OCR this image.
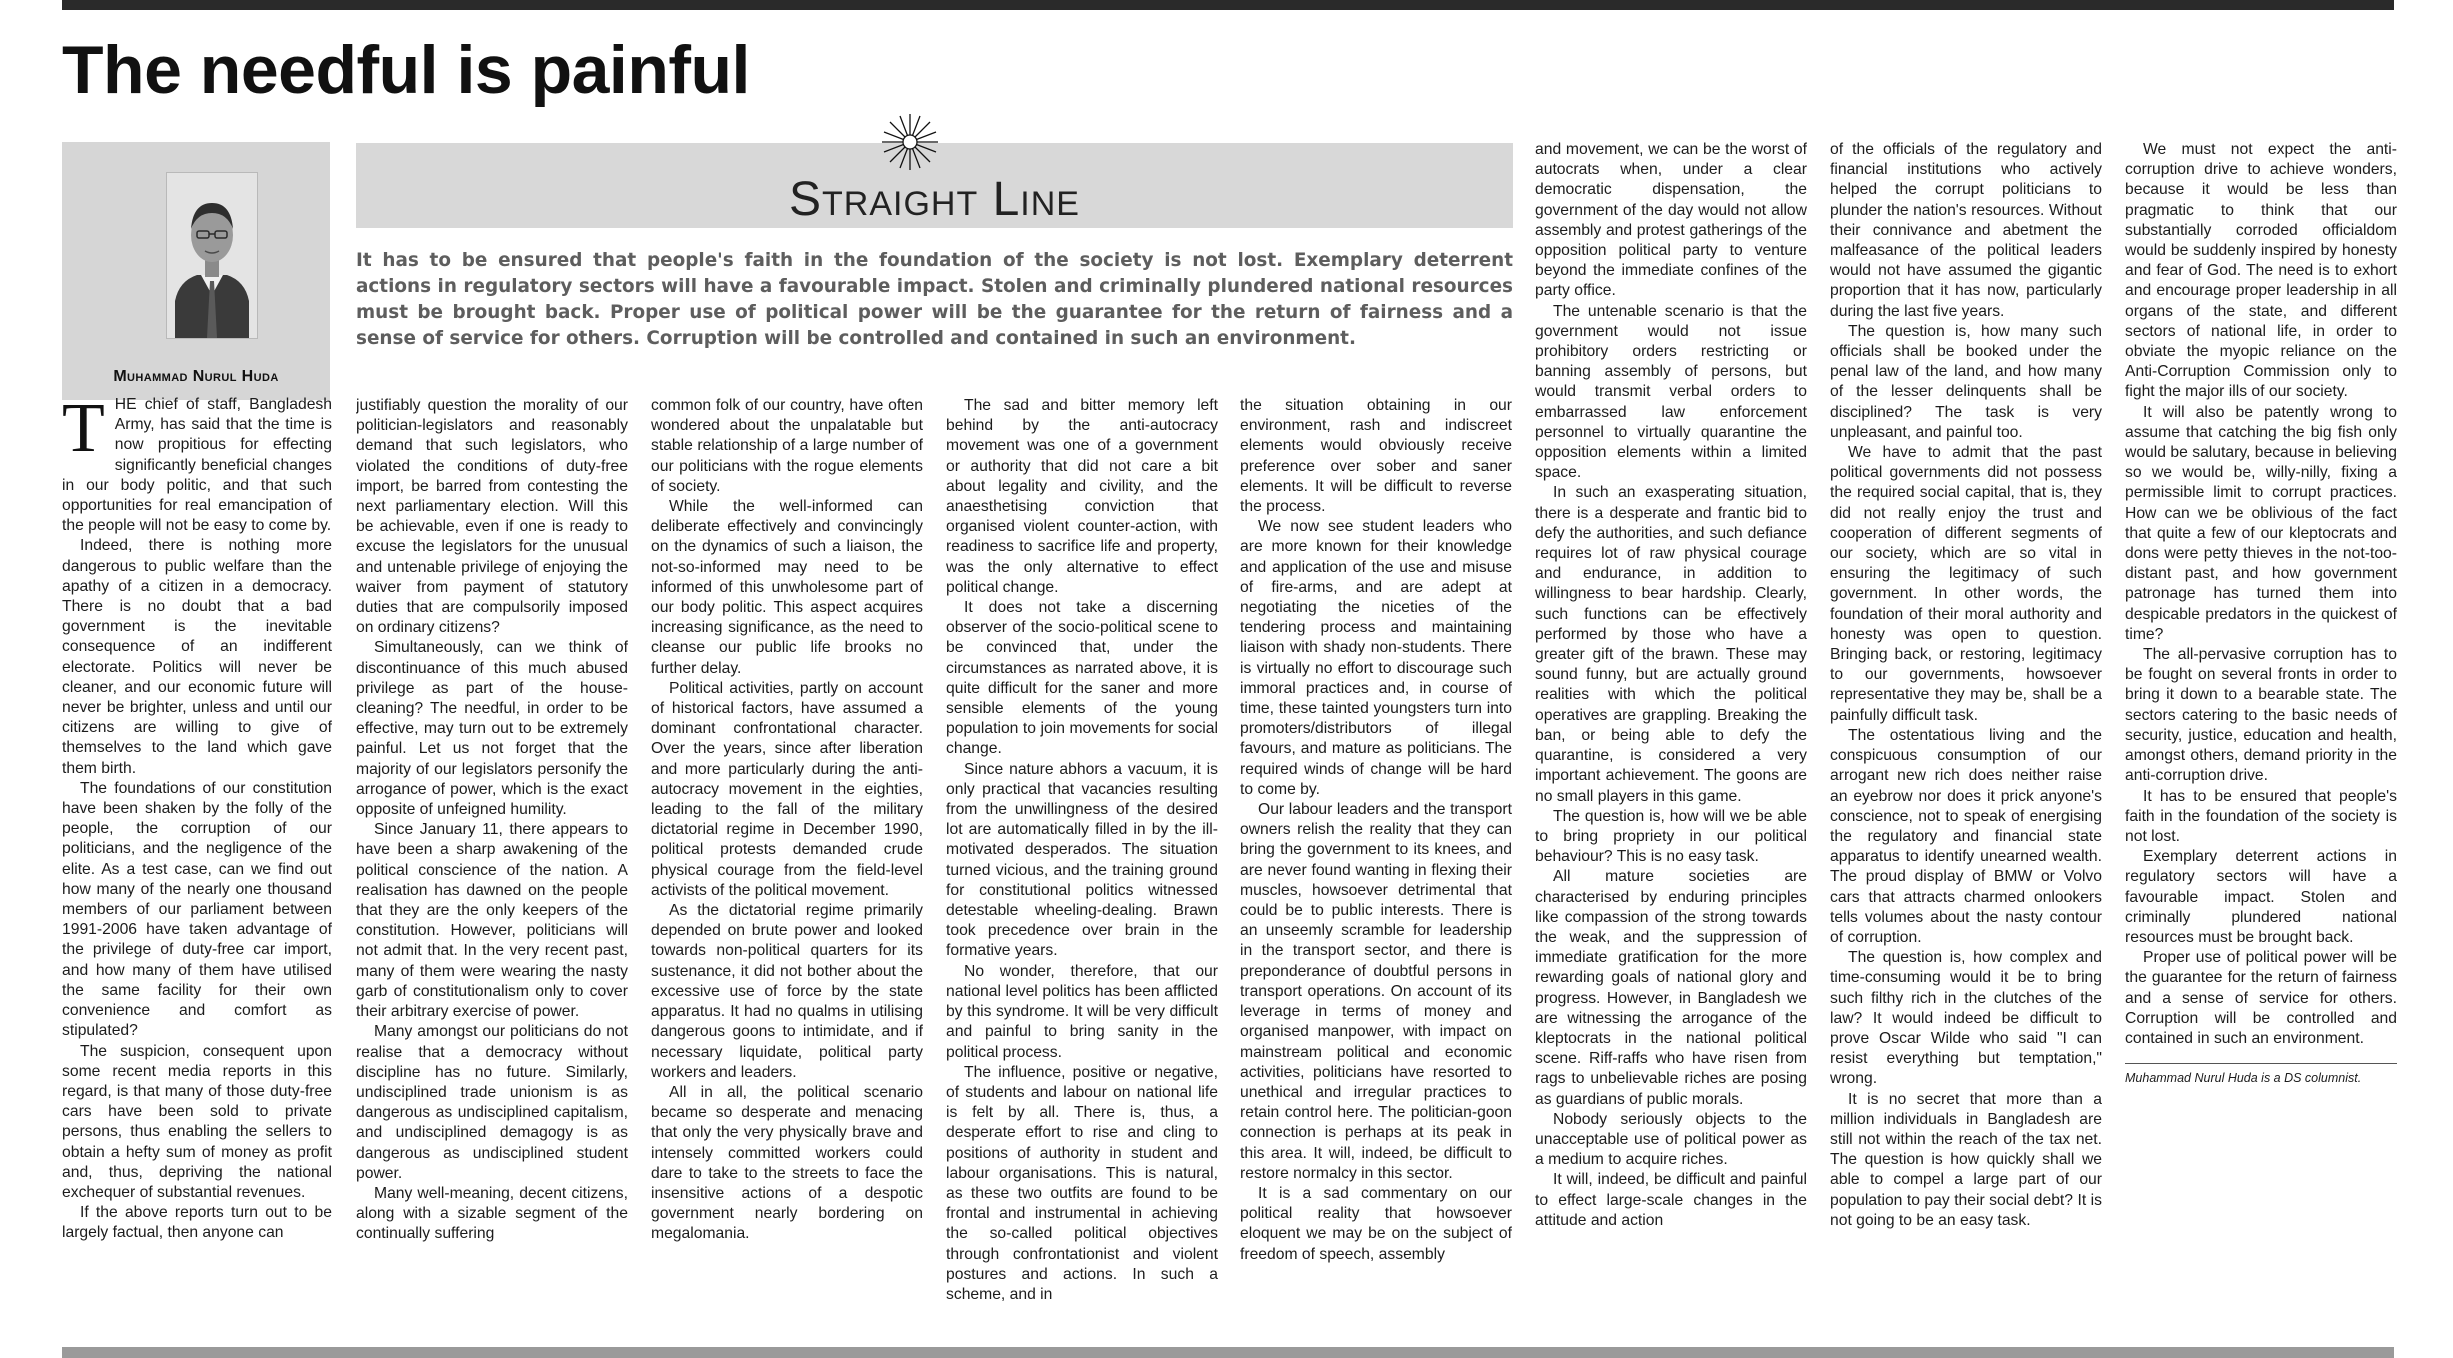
The needful is painful

Muhammad Nurul Huda

Straight Line

It has to be ensured that people's faith in the foundation of the society is not lost. Exemplary deterrent actions in regulatory sectors will have a favourable impact. Stolen and criminally plundered national resources must be brought back. Proper use of political power will be the guarantee for the return of fairness and a sense of service for others. Corruption will be controlled and contained in such an environment.

THE chief of staff, Bangladesh Army, has said that the time is now propitious for effecting significantly beneficial changes in our body politic, and that such opportunities for real emancipation of the people will not be easy to come by.

Indeed, there is nothing more dangerous to public welfare than the apathy of a citizen in a democracy. There is no doubt that a bad government is the inevitable consequence of an indifferent electorate. Politics will never be cleaner, and our economic future will never be brighter, unless and until our citizens are willing to give of themselves to the land which gave them birth.

The foundations of our constitution have been shaken by the folly of the people, the corruption of our politicians, and the negligence of the elite. As a test case, can we find out how many of the nearly one thousand members of our parliament between 1991-2006 have taken advantage of the privilege of duty-free car import, and how many of them have utilised the same facility for their own convenience and comfort as stipulated?

The suspicion, consequent upon some recent media reports in this regard, is that many of those duty-free cars have been sold to private persons, thus enabling the sellers to obtain a hefty sum of money as profit and, thus, depriving the national exchequer of substantial revenues.

If the above reports turn out to be largely factual, then anyone can

justifiably question the morality of our politician-legislators and reasonably demand that such legislators, who violated the conditions of duty-free import, be barred from contesting the next parliamentary election. Will this be achievable, even if one is ready to excuse the legislators for the unusual and untenable privilege of enjoying the waiver from payment of statutory duties that are compulsorily imposed on ordinary citizens?

Simultaneously, can we think of discontinuance of this much abused privilege as part of the house-cleaning? The needful, in order to be effective, may turn out to be extremely painful. Let us not forget that the majority of our legislators personify the arrogance of power, which is the exact opposite of unfeigned humility.

Since January 11, there appears to have been a sharp awakening of the political conscience of the nation. A realisation has dawned on the people that they are the only keepers of the constitution. However, politicians will not admit that. In the very recent past, many of them were wearing the nasty garb of constitutionalism only to cover their arbitrary exercise of power.

Many amongst our politicians do not realise that a democracy without discipline has no future. Similarly, undisciplined trade unionism is as dangerous as undisciplined capitalism, and undisciplined demagogy is as dangerous as undisciplined student power.

Many well-meaning, decent citizens, along with a sizable segment of the continually suffering

common folk of our country, have often wondered about the unpalatable but stable relationship of a large number of our politicians with the rogue elements of society.

While the well-informed can deliberate effectively and convincingly on the dynamics of such a liaison, the not-so-informed may need to be informed of this unwholesome part of our body politic. This aspect acquires increasing significance, as the need to cleanse our public life brooks no further delay.

Political activities, partly on account of historical factors, have assumed a dominant confrontational character. Over the years, since after liberation and more particularly during the anti-autocracy movement in the eighties, leading to the fall of the military dictatorial regime in December 1990, political protests demanded crude physical courage from the field-level activists of the political movement.

As the dictatorial regime primarily depended on brute power and looked towards non-political quarters for its sustenance, it did not bother about the excessive use of force by the state apparatus. It had no qualms in utilising dangerous goons to intimidate, and if necessary liquidate, political party workers and leaders.

All in all, the political scenario became so desperate and menacing that only the very physically brave and intensely committed workers could dare to take to the streets to face the insensitive actions of a despotic government nearly bordering on megalomania.

The sad and bitter memory left behind by the anti-autocracy movement was one of a government or authority that did not care a bit about legality and civility, and the anaesthetising conviction that organised violent counter-action, with readiness to sacrifice life and property, was the only alternative to effect political change.

It does not take a discerning observer of the socio-political scene to be convinced that, under the circumstances as narrated above, it is quite difficult for the saner and more sensible elements of the young population to join movements for social change.

Since nature abhors a vacuum, it is only practical that vacancies resulting from the unwillingness of the desired lot are automatically filled in by the ill-motivated desperados. The situation turned vicious, and the training ground for constitutional politics witnessed detestable wheeling-dealing. Brawn took precedence over brain in the formative years.

No wonder, therefore, that our national level politics has been afflicted by this syndrome. It will be very difficult and painful to bring sanity in the political process.

The influence, positive or negative, of students and labour on national life is felt by all. There is, thus, a desperate effort to rise and cling to positions of authority in student and labour organisations. This is natural, as these two outfits are found to be frontal and instrumental in achieving the so-called political objectives through confrontationist and violent postures and actions. In such a scheme, and in

the situation obtaining in our environment, rash and indiscreet elements would obviously receive preference over sober and saner elements. It will be difficult to reverse the process.

We now see student leaders who are more known for their knowledge and application of the use and misuse of fire-arms, and are adept at negotiating the niceties of the tendering process and maintaining liaison with shady non-students. There is virtually no effort to discourage such immoral practices and, in course of time, these tainted youngsters turn into promoters/distributors of illegal favours, and mature as politicians. The required winds of change will be hard to come by.

Our labour leaders and the transport owners relish the reality that they can bring the government to its knees, and are never found wanting in flexing their muscles, howsoever detrimental that could be to public interests. There is an unseemly scramble for leadership in the transport sector, and there is preponderance of doubtful persons in transport operations. On account of its leverage in terms of money and organised manpower, with impact on mainstream political and economic activities, politicians have resorted to unethical and irregular practices to retain control here. The politician-goon connection is perhaps at its peak in this area. It will, indeed, be difficult to restore normalcy in this sector.

It is a sad commentary on our political reality that howsoever eloquent we may be on the subject of freedom of speech, assembly

and movement, we can be the worst of autocrats when, under a clear democratic dispensation, the government of the day would not allow assembly and protest gatherings of the opposition political party to venture beyond the immediate confines of the party office.

The untenable scenario is that the government would not issue prohibitory orders restricting or banning assembly of persons, but would transmit verbal orders to embarrassed law enforcement personnel to virtually quarantine the opposition elements within a limited space.

In such an exasperating situation, there is a desperate and frantic bid to defy the authorities, and such defiance requires lot of raw physical courage and endurance, in addition to willingness to bear hardship. Clearly, such functions can be effectively performed by those who have a greater gift of the brawn. These may sound funny, but are actually ground realities with which the political operatives are grappling. Breaking the ban, or being able to defy the quarantine, is considered a very important achievement. The goons are no small players in this game.

The question is, how will we be able to bring propriety in our political behaviour? This is no easy task.

All mature societies are characterised by enduring principles like compassion of the strong towards the weak, and the suppression of immediate gratification for the more rewarding goals of national glory and progress. However, in Bangladesh we are witnessing the arrogance of the kleptocrats in the national political scene. Riff-raffs who have risen from rags to unbelievable riches are posing as guardians of public morals.

Nobody seriously objects to the unacceptable use of political power as a medium to acquire riches.

It will, indeed, be difficult and painful to effect large-scale changes in the attitude and action

of the officials of the regulatory and financial institutions who actively helped the corrupt politicians to plunder the nation's resources. Without their connivance and abetment the malfeasance of the political leaders would not have assumed the gigantic proportion that it has now, particularly during the last five years.

The question is, how many such officials shall be booked under the penal law of the land, and how many of the lesser delinquents shall be disciplined? The task is very unpleasant, and painful too.

We have to admit that the past political governments did not possess the required social capital, that is, they did not really enjoy the trust and cooperation of different segments of our society, which are so vital in ensuring the legitimacy of such government. In other words, the foundation of their moral authority and honesty was open to question. Bringing back, or restoring, legitimacy to our governments, howsoever representative they may be, shall be a painfully difficult task.

The ostentatious living and the conspicuous consumption of our arrogant new rich does neither raise an eyebrow nor does it prick anyone's conscience, not to speak of energising the regulatory and financial state apparatus to identify unearned wealth. The proud display of BMW or Volvo cars that attracts charmed onlookers tells volumes about the nasty contour of corruption.

The question is, how complex and time-consuming would it be to bring such filthy rich in the clutches of the law? It would indeed be difficult to prove Oscar Wilde who said "I can resist everything but temptation," wrong.

It is no secret that more than a million individuals in Bangladesh are still not within the reach of the tax net. The question is how quickly shall we able to compel a large part of our population to pay their social debt? It is not going to be an easy task.

We must not expect the anti-corruption drive to achieve wonders, because it would be less than pragmatic to think that our substantially corroded officialdom would be suddenly inspired by honesty and fear of God. The need is to exhort and encourage proper leadership in all organs of the state, and different sectors of national life, in order to obviate the myopic reliance on the Anti-Corruption Commission only to fight the major ills of our society.

It will also be patently wrong to assume that catching the big fish only would be salutary, because in believing so we would be, willy-nilly, fixing a permissible limit to corrupt practices. How can we be oblivious of the fact that quite a few of our kleptocrats and dons were petty thieves in the not-too-distant past, and how government patronage has turned them into despicable predators in the quickest of time?

The all-pervasive corruption has to be fought on several fronts in order to bring it down to a bearable state. The sectors catering to the basic needs of security, justice, education and health, amongst others, demand priority in the anti-corruption drive.

It has to be ensured that people's faith in the foundation of the society is not lost.

Exemplary deterrent actions in regulatory sectors will have a favourable impact. Stolen and criminally plundered national resources must be brought back.

Proper use of political power will be the guarantee for the return of fairness and a sense of service for others. Corruption will be controlled and contained in such an environment.

Muhammad Nurul Huda is a DS columnist.
